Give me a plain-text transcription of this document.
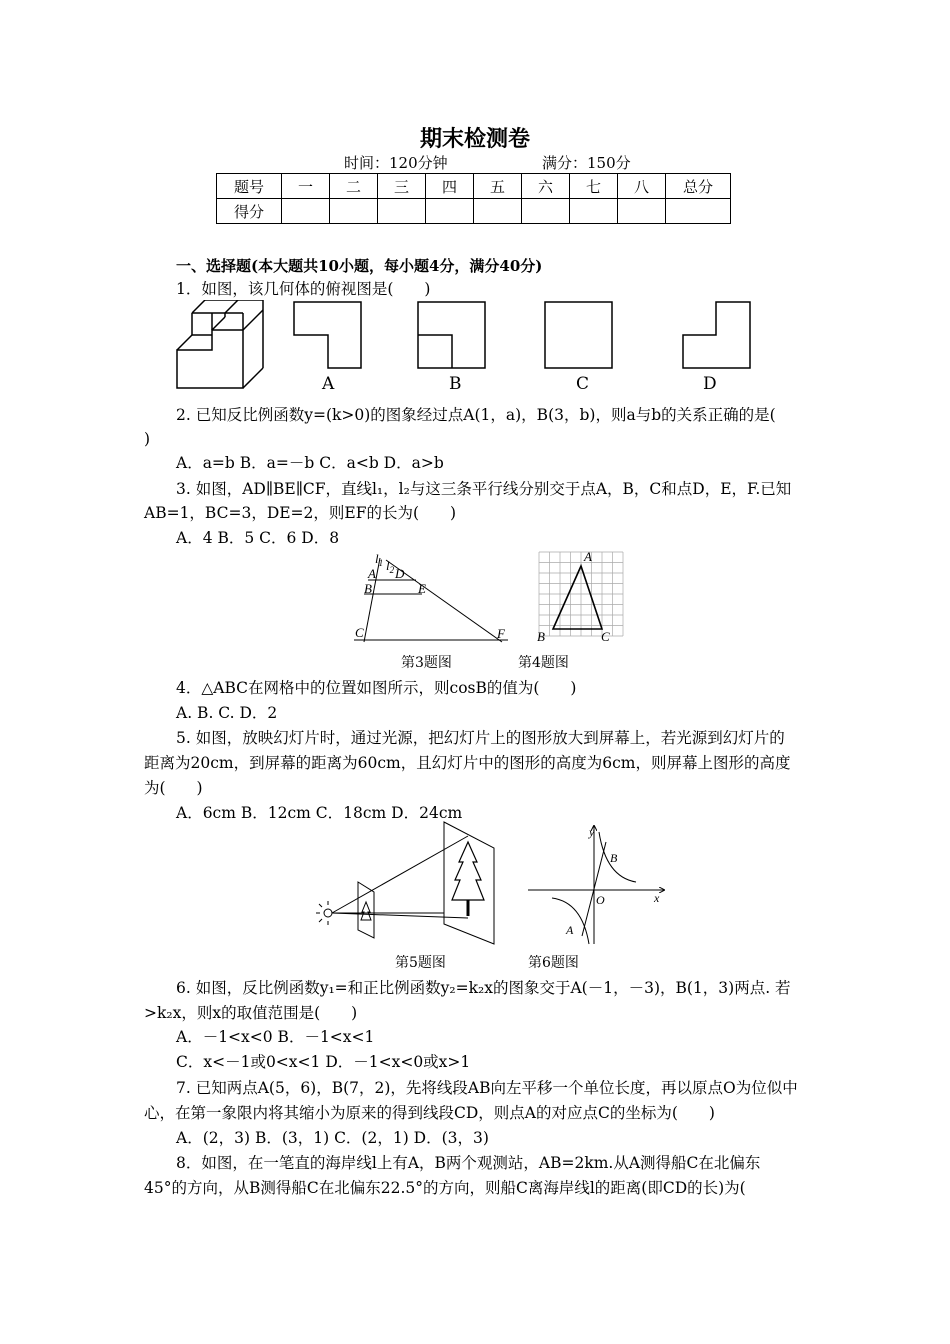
期末检测卷
时间：120分钟	满分：150分
题号	一	二	三	四	五	六	七	八	总分
得分									
一、选择题(本大题共10小题，每小题4分，满分40分)
1．如图，该几何体的俯视图是(　　)
A	B	C	D
2. 已知反比例函数y=(k>0)的图象经过点A(1，a)，B(3，b)，则a与b的关系正确的是(
)
A．a=b B．a=－b C．a<b D．a>b
3. 如图，AD∥BE∥CF，直线l₁，l₂与这三条平行线分别交于点A，B，C和点D，E，F.已知
AB=1，BC=3，DE=2，则EF的长为(　　)
A．4 B．5 C．6 D．8
$l_1$ $l_2$
A D
B	E
C	F
A
B	C
第3题图	第4题图
4．△ABC在网格中的位置如图所示，则cosB的值为(　　)
A. B. C. D．2
5. 如图，放映幻灯片时，通过光源，把幻灯片上的图形放大到屏幕上，若光源到幻灯片的
距离为20cm，到屏幕的距离为60cm，且幻灯片中的图形的高度为6cm，则屏幕上图形的高度
为(　　)
A．6cm B．12cm C．18cm D．24cm
y
x
O
B
A
第5题图	第6题图
6. 如图，反比例函数y₁=和正比例函数y₂=k₂x的图象交于A(－1，－3)，B(1，3)两点. 若
>k₂x，则x的取值范围是(　　)
A．－1<x<0 B．－1<x<1
C．x<－1或0<x<1 D．－1<x<0或x>1
7. 已知两点A(5，6)，B(7，2)，先将线段AB向左平移一个单位长度，再以原点O为位似中
心，在第一象限内将其缩小为原来的得到线段CD，则点A的对应点C的坐标为(　　)
A．(2，3) B．(3，1) C．(2，1) D．(3，3)
8．如图，在一笔直的海岸线l上有A，B两个观测站，AB=2km.从A测得船C在北偏东
45°的方向，从B测得船C在北偏东22.5°的方向，则船C离海岸线l的距离(即CD的长)为(
